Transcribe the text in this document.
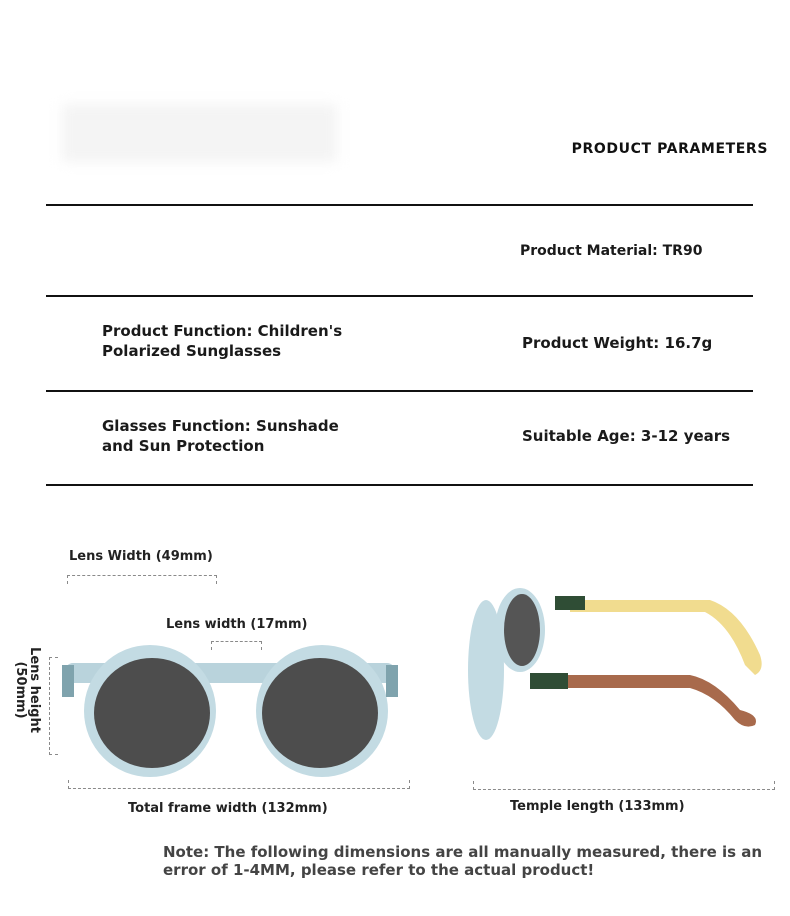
PRODUCT PARAMETERS
Product Material: TR90
Product Function: Children's Polarized Sunglasses	Product Weight: 16.7g
Glasses Function: Sunshade and Sun Protection
Suitable Age: 3-12 years
Lens Width (49mm)
Lens width (17mm)
Lens height (50mm)
Total frame width (132mm)	Temple length (133mm)
Note: The following dimensions are all manually measured, there is an error of 1-4MM, please refer to the actual product!
